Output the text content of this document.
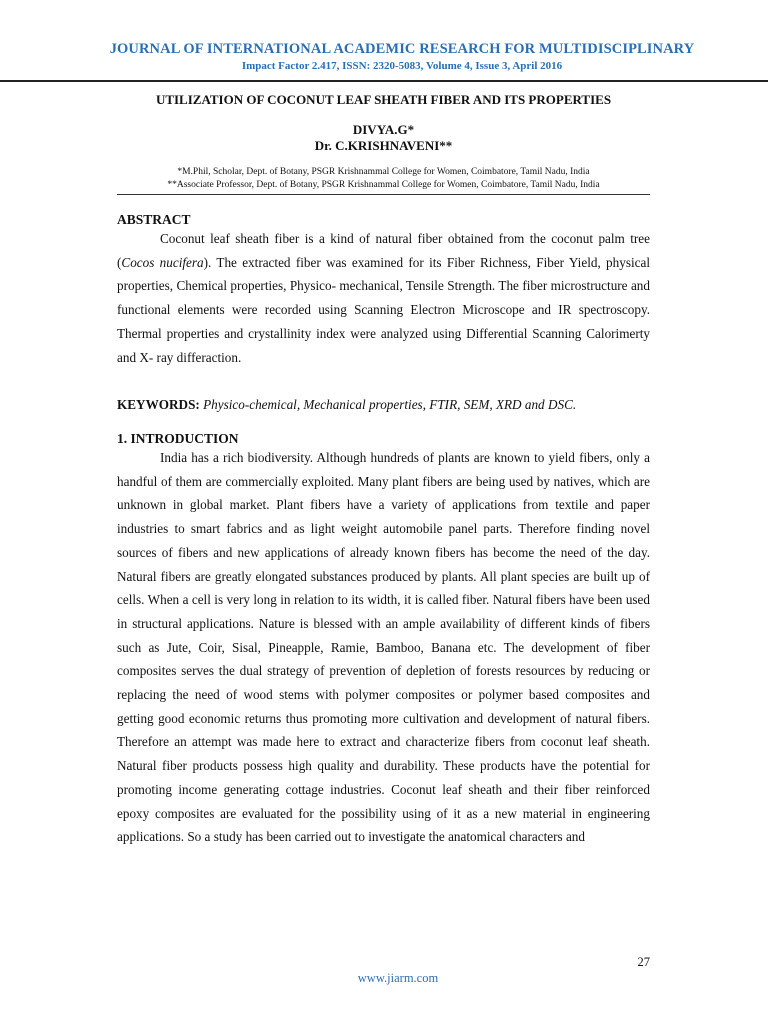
JOURNAL OF INTERNATIONAL ACADEMIC RESEARCH FOR MULTIDISCIPLINARY
Impact Factor 2.417, ISSN: 2320-5083, Volume 4, Issue 3, April 2016
UTILIZATION OF COCONUT LEAF SHEATH FIBER AND ITS PROPERTIES
DIVYA.G*
Dr. C.KRISHNAVENI**
*M.Phil, Scholar, Dept. of Botany, PSGR Krishnammal College for Women, Coimbatore, Tamil Nadu, India
**Associate Professor, Dept. of Botany, PSGR Krishnammal College for Women, Coimbatore, Tamil Nadu, India
ABSTRACT

Coconut leaf sheath fiber is a kind of natural fiber obtained from the coconut palm tree (Cocos nucifera). The extracted fiber was examined for its Fiber Richness, Fiber Yield, physical properties, Chemical properties, Physico- mechanical, Tensile Strength. The fiber microstructure and functional elements were recorded using Scanning Electron Microscope and IR spectroscopy. Thermal properties and crystallinity index were analyzed using Differential Scanning Calorimerty and X- ray differaction.

KEYWORDS: Physico-chemical, Mechanical properties, FTIR, SEM, XRD and DSC.
1. INTRODUCTION

India has a rich biodiversity. Although hundreds of plants are known to yield fibers, only a handful of them are commercially exploited. Many plant fibers are being used by natives, which are unknown in global market. Plant fibers have a variety of applications from textile and paper industries to smart fabrics and as light weight automobile panel parts. Therefore finding novel sources of fibers and new applications of already known fibers has become the need of the day. Natural fibers are greatly elongated substances produced by plants. All plant species are built up of cells. When a cell is very long in relation to its width, it is called fiber. Natural fibers have been used in structural applications. Nature is blessed with an ample availability of different kinds of fibers such as Jute, Coir, Sisal, Pineapple, Ramie, Bamboo, Banana etc. The development of fiber composites serves the dual strategy of prevention of depletion of forests resources by reducing or replacing the need of wood stems with polymer composites or polymer based composites and getting good economic returns thus promoting more cultivation and development of natural fibers. Therefore an attempt was made here to extract and characterize fibers from coconut leaf sheath. Natural fiber products possess high quality and durability. These products have the potential for promoting income generating cottage industries. Coconut leaf sheath and their fiber reinforced epoxy composites are evaluated for the possibility using of it as a new material in engineering applications. So a study has been carried out to investigate the anatomical characters and

27
www.jiarm.com
